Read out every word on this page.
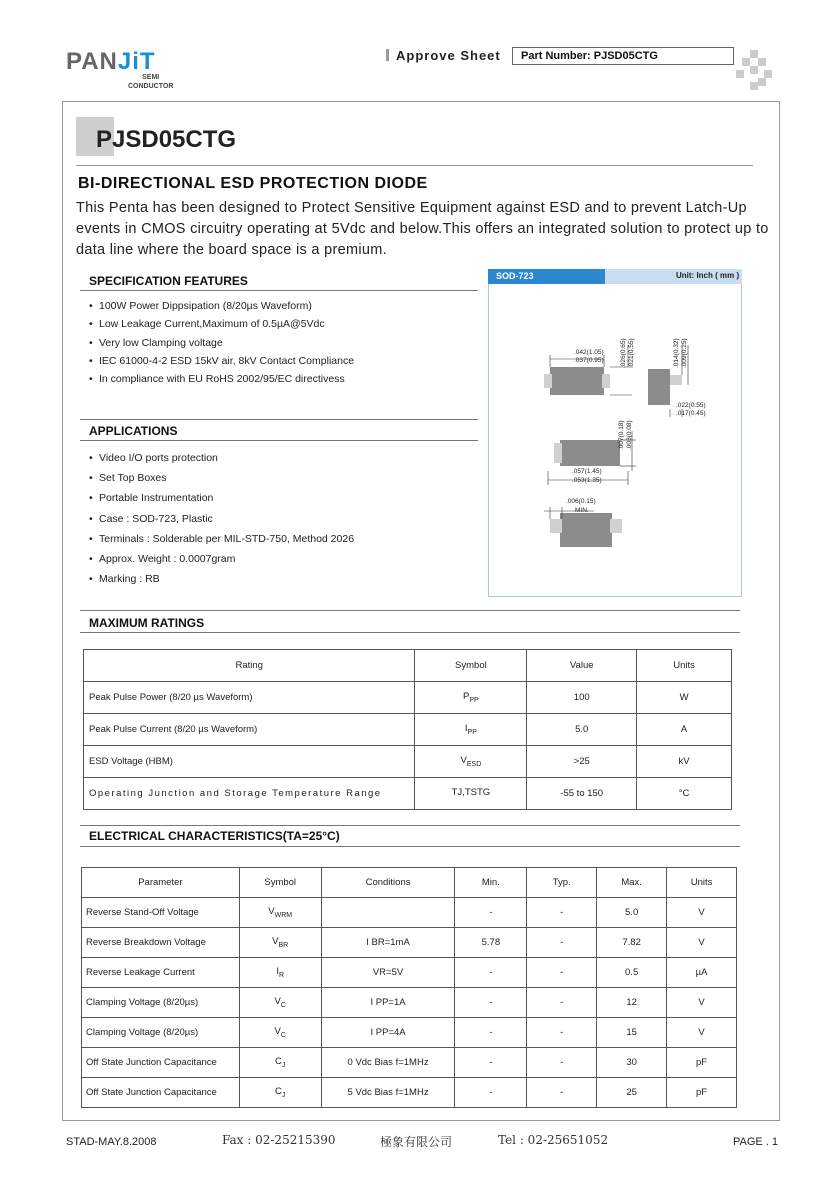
PANJiT
SEMI
CONDUCTOR
Approve Sheet	Part Number: PJSD05CTG
PJSD05CTG
BI-DIRECTIONAL ESD PROTECTION DIODE
This Penta has been designed to Protect Sensitive Equipment against ESD and to prevent Latch-Up events in CMOS circuitry operating at 5Vdc and below.This offers an integrated solution to protect up to data line where the board space is a premium.
SPECIFICATION FEATURES
• 100W Power Dippsipation (8/20µs Waveform)
• Low Leakage Current,Maximum of 0.5µA@5Vdc
• Very low Clamping voltage
• IEC 61000-4-2 ESD 15kV air, 8kV Contact Compliance
• In compliance with EU RoHS 2002/95/EC directivess
APPLICATIONS
• Video I/O ports protection
• Set Top Boxes
• Portable Instrumentation
• Case : SOD-723, Plastic
• Terminals : Solderable per MIL-STD-750, Method 2026
• Approx. Weight : 0.0007gram
• Marking : RB
SOD-723	Unit: Inch ( mm )
.042(1.05)
.037(0.95)	.026(0.65) .021(0.55)	.014(0.32) .009(0.25)
.022(0.55)
.017(0.45)
.007(0.18) .003(0.08)
.057(1.45)
.053(1.35)
.006(0.15)
MIN.
MAXIMUM RATINGS
Rating	Symbol	Value	Units
Peak Pulse Power (8/20 µs Waveform)	$P_{PP}$	100	W
Peak Pulse Current (8/20 µs Waveform)	$I_{PP}$	5.0	A
ESD Voltage (HBM)	$V_{ESD}$	>25	kV
Operating Junction and Storage Temperature Range	TJ,TSTG	-55 to 150	°C
ELECTRICAL CHARACTERISTICS(TA=25°C)
Parameter	Symbol	Conditions	Min.	Typ.	Max.	Units
Reverse Stand-Off Voltage	$V_{WRM}$		-	-	5.0	V
Reverse Breakdown Voltage	$V_{BR}$	I BR=1mA	5.78	-	7.82	V
Reverse Leakage Current	$I_R$	VR=5V	-	-	0.5	µA
Clamping Voltage (8/20µs)	$V_C$	I PP=1A	-	-	12	V
Clamping Voltage (8/20µs)	$V_C$	I PP=4A	-	-	15	V
Off State Junction Capacitance	$C_J$	0 Vdc Bias f=1MHz	-	-	30	pF
Off State Junction Capacitance	$C_J$	5 Vdc Bias f=1MHz	-	-	25	pF
STAD-MAY.8.2008	Fax : 02-25215390	極象有限公司	Tel : 02-25651052	PAGE . 1
